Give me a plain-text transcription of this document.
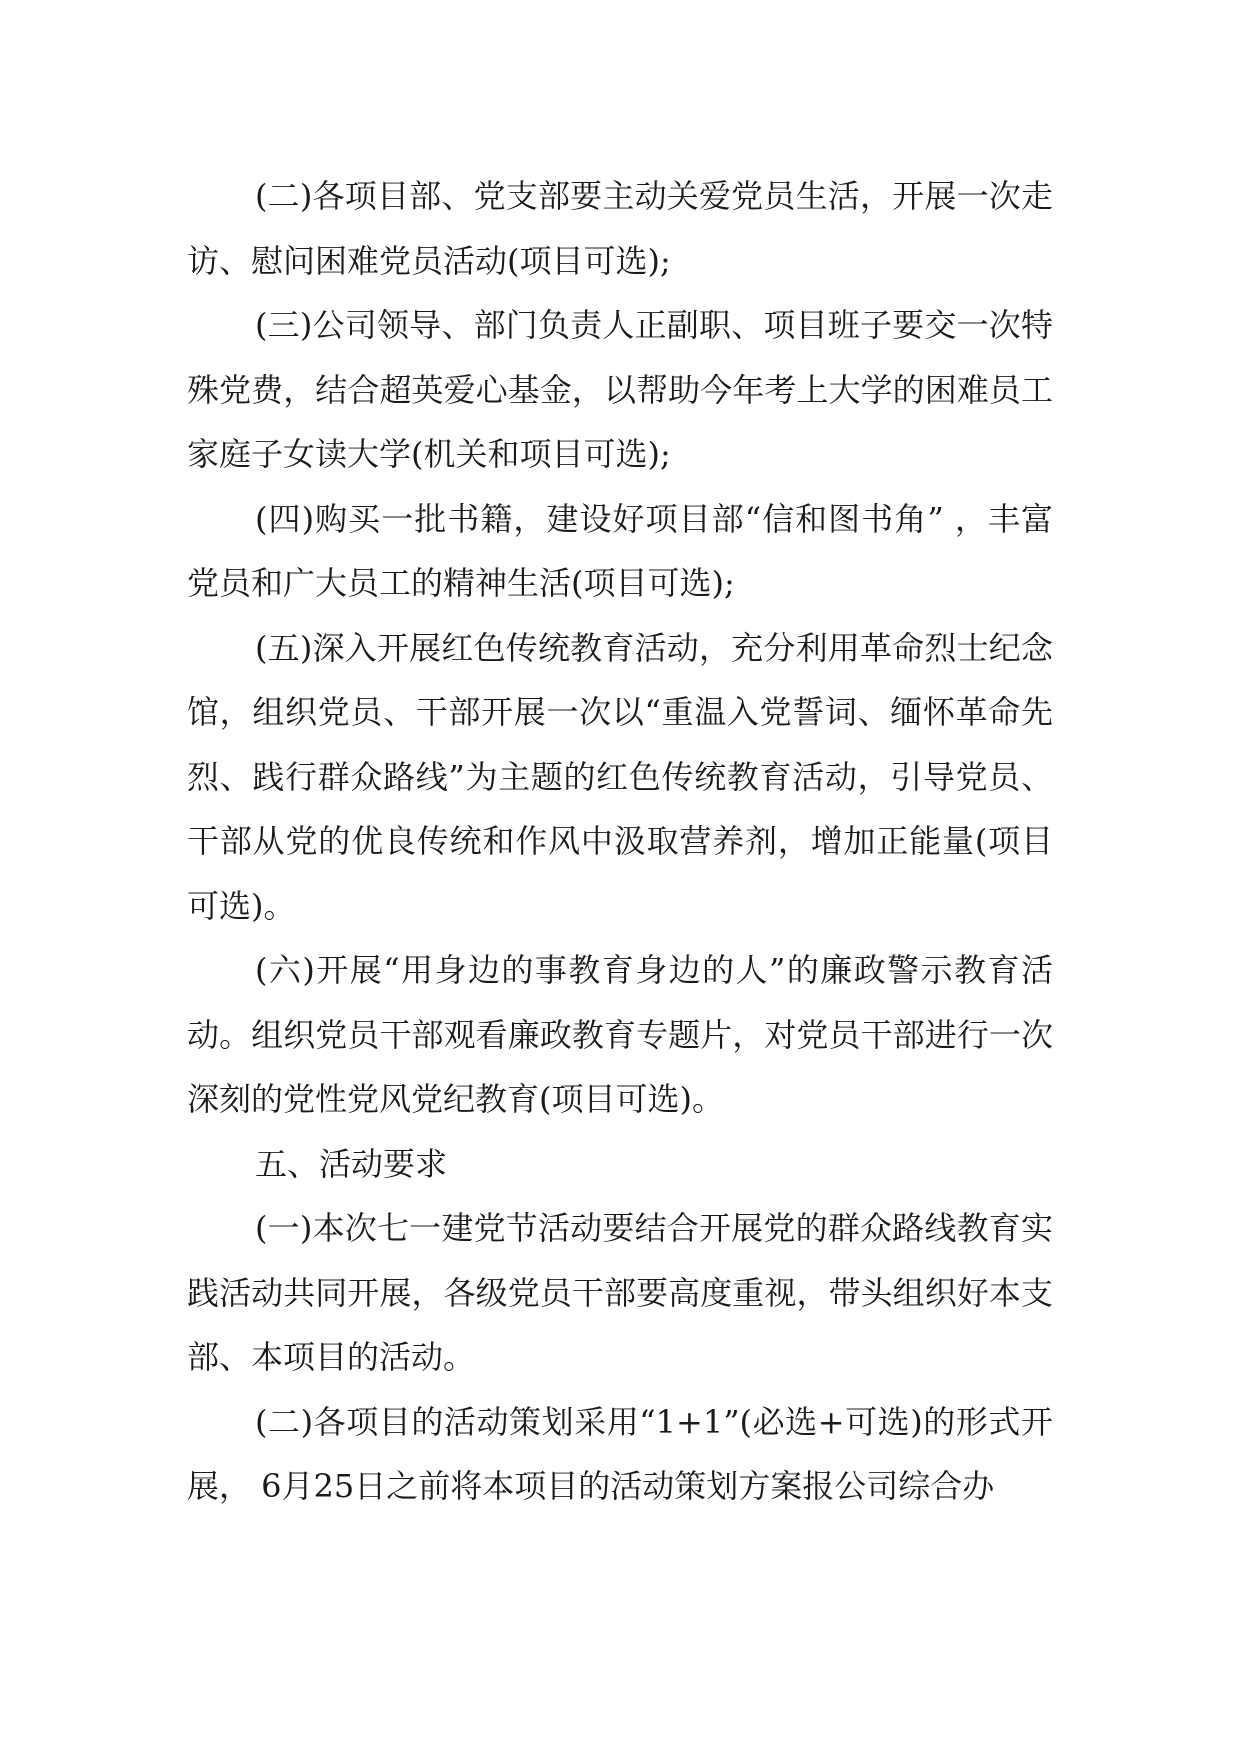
(二)各项目部、党支部要主动关爱党员生活，开展一次走访、慰问困难党员活动(项目可选);

(三)公司领导、部门负责人正副职、项目班子要交一次特殊党费，结合超英爱心基金，以帮助今年考上大学的困难员工家庭子女读大学(机关和项目可选);

(四)购买一批书籍，建设好项目部“信和图书角” ，丰富党员和广大员工的精神生活(项目可选);

(五)深入开展红色传统教育活动，充分利用革命烈士纪念馆，组织党员、干部开展一次以“重温入党誓词、缅怀革命先烈、践行群众路线”为主题的红色传统教育活动，引导党员、干部从党的优良传统和作风中汲取营养剂，增加正能量(项目可选)。

(六)开展“用身边的事教育身边的人”的廉政警示教育活动。组织党员干部观看廉政教育专题片，对党员干部进行一次深刻的党性党风党纪教育(项目可选)。

五、活动要求

(一)本次七一建党节活动要结合开展党的群众路线教育实践活动共同开展，各级党员干部要高度重视，带头组织好本支部、本项目的活动。

(二)各项目的活动策划采用“1+1”(必选+可选)的形式开展， 6月25日之前将本项目的活动策划方案报公司综合办
